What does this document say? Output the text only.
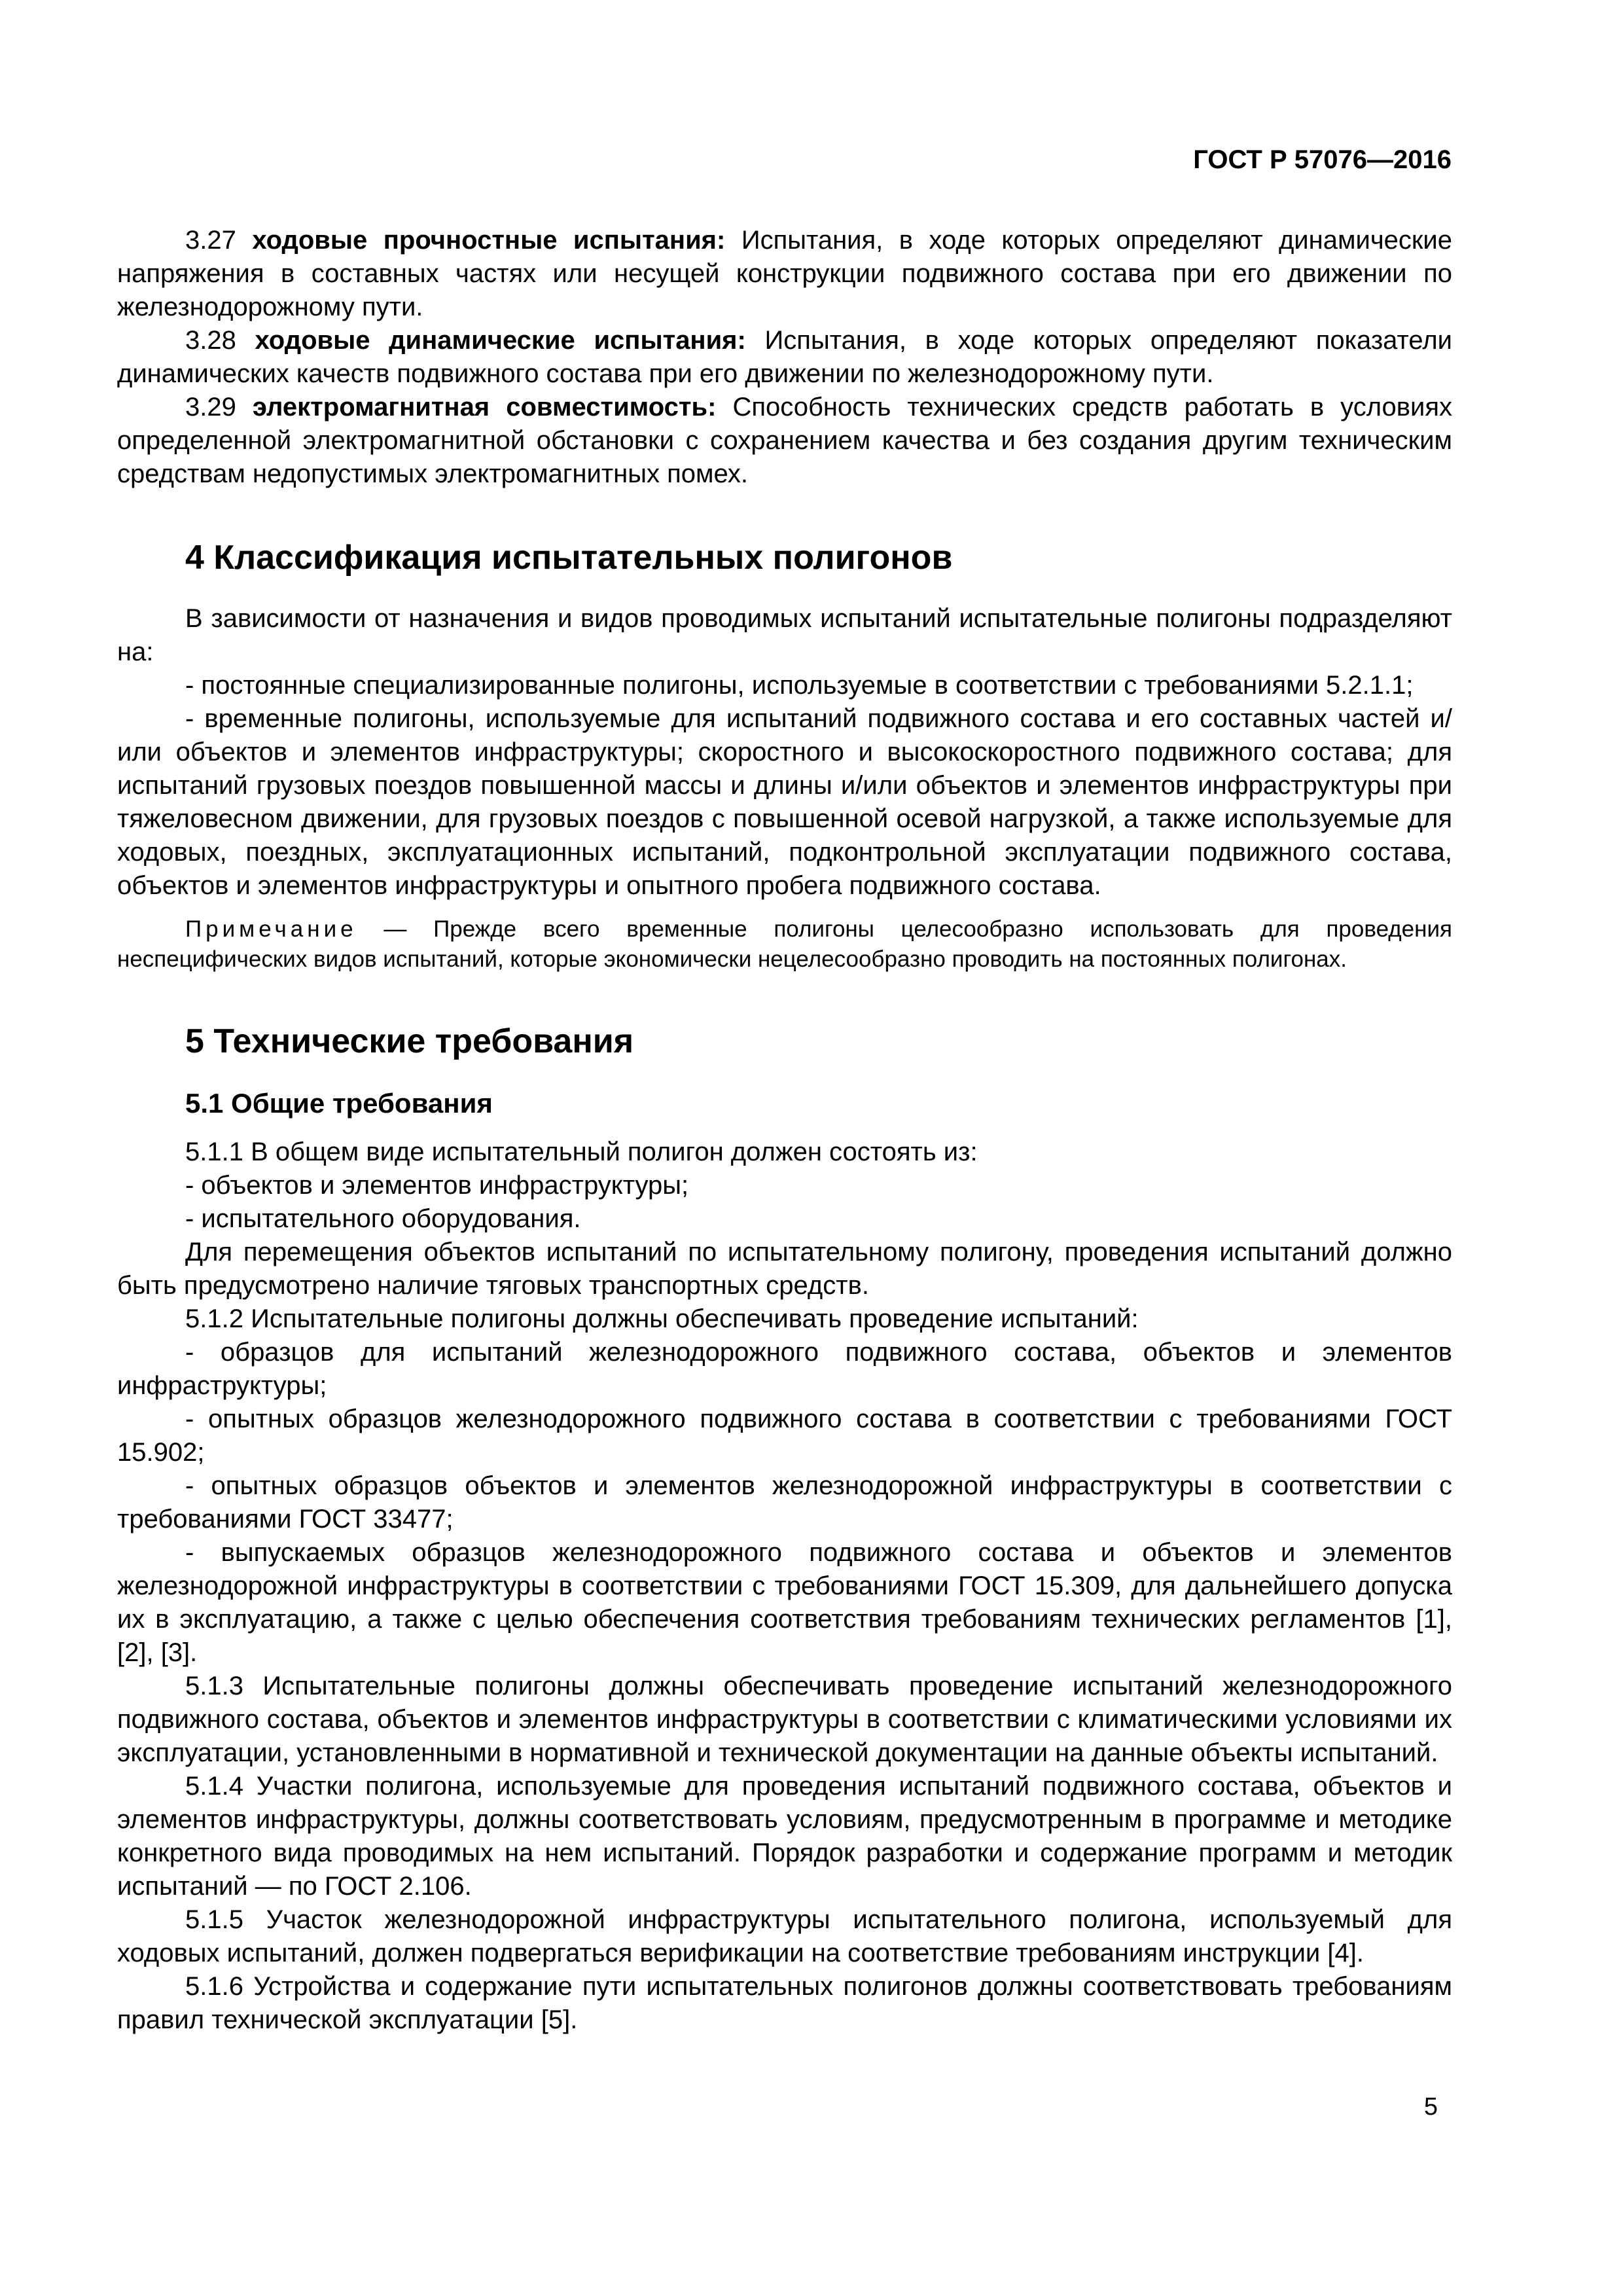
ГОСТ Р 57076—2016

3.27 ходовые прочностные испытания: Испытания, в ходе которых определяют динамические напряжения в составных частях или несущей конструкции подвижного состава при его движении по железнодорожному пути.

3.28 ходовые динамические испытания: Испытания, в ходе которых определяют показатели динамических качеств подвижного состава при его движении по железнодорожному пути.

3.29 электромагнитная совместимость: Способность технических средств работать в условиях определенной электромагнитной обстановки с сохранением качества и без создания другим техническим средствам недопустимых электромагнитных помех.

4 Классификация испытательных полигонов

В зависимости от назначения и видов проводимых испытаний испытательные полигоны подразделяют на:

- постоянные специализированные полигоны, используемые в соответствии с требованиями 5.2.1.1;

- временные полигоны, используемые для испытаний подвижного состава и его составных частей и/или объектов и элементов инфраструктуры; скоростного и высокоскоростного подвижного состава; для испытаний грузовых поездов повышенной массы и длины и/или объектов и элементов инфраструктуры при тяжеловесном движении, для грузовых поездов с повышенной осевой нагрузкой, а также используемые для ходовых, поездных, эксплуатационных испытаний, подконтрольной эксплуатации подвижного состава, объектов и элементов инфраструктуры и опытного пробега подвижного состава.

Примечание — Прежде всего временные полигоны целесообразно использовать для проведения неспецифических видов испытаний, которые экономически нецелесообразно проводить на постоянных полигонах.

5 Технические требования
5.1 Общие требования

5.1.1 В общем виде испытательный полигон должен состоять из:

- объектов и элементов инфраструктуры;

- испытательного оборудования.

Для перемещения объектов испытаний по испытательному полигону, проведения испытаний должно быть предусмотрено наличие тяговых транспортных средств.

5.1.2 Испытательные полигоны должны обеспечивать проведение испытаний:

- образцов для испытаний железнодорожного подвижного состава, объектов и элементов инфраструктуры;

- опытных образцов железнодорожного подвижного состава в соответствии с требованиями ГОСТ 15.902;

- опытных образцов объектов и элементов железнодорожной инфраструктуры в соответствии с требованиями ГОСТ 33477;

- выпускаемых образцов железнодорожного подвижного состава и объектов и элементов железнодорожной инфраструктуры в соответствии с требованиями ГОСТ 15.309, для дальнейшего допуска их в эксплуатацию, а также с целью обеспечения соответствия требованиям технических регламентов [1], [2], [3].

5.1.3 Испытательные полигоны должны обеспечивать проведение испытаний железнодорожного подвижного состава, объектов и элементов инфраструктуры в соответствии с климатическими условиями их эксплуатации, установленными в нормативной и технической документации на данные объекты испытаний.

5.1.4 Участки полигона, используемые для проведения испытаний подвижного состава, объектов и элементов инфраструктуры, должны соответствовать условиям, предусмотренным в программе и методике конкретного вида проводимых на нем испытаний. Порядок разработки и содержание программ и методик испытаний — по ГОСТ 2.106.

5.1.5 Участок железнодорожной инфраструктуры испытательного полигона, используемый для ходовых испытаний, должен подвергаться верификации на соответствие требованиям инструкции [4].

5.1.6 Устройства и содержание пути испытательных полигонов должны соответствовать требованиям правил технической эксплуатации [5].

5
